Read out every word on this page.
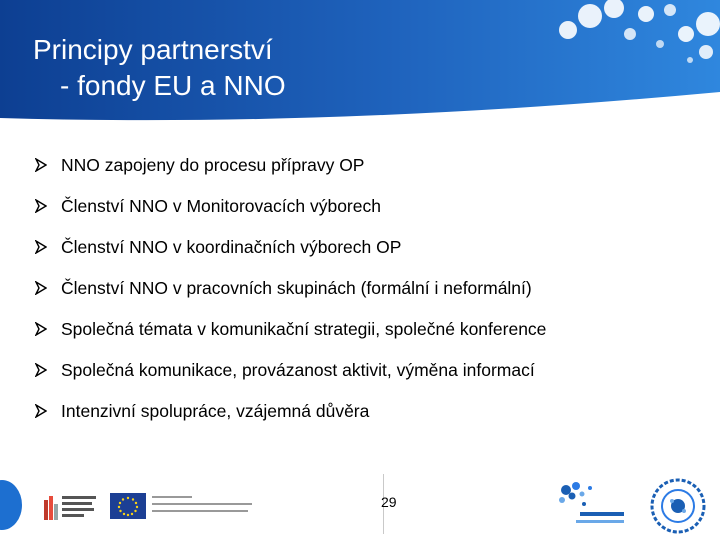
Principy partnerství
- fondy EU a NNO
NNO zapojeny do procesu přípravy OP
Členství NNO v Monitorovacích výborech
Členství NNO v koordinačních výborech OP
Členství NNO v pracovních skupinách (formální i neformální)
Společná témata v komunikační strategii, společné konference
Společná komunikace, provázanost aktivit, výměna informací
Intenzivní spolupráce, vzájemná důvěra
29
